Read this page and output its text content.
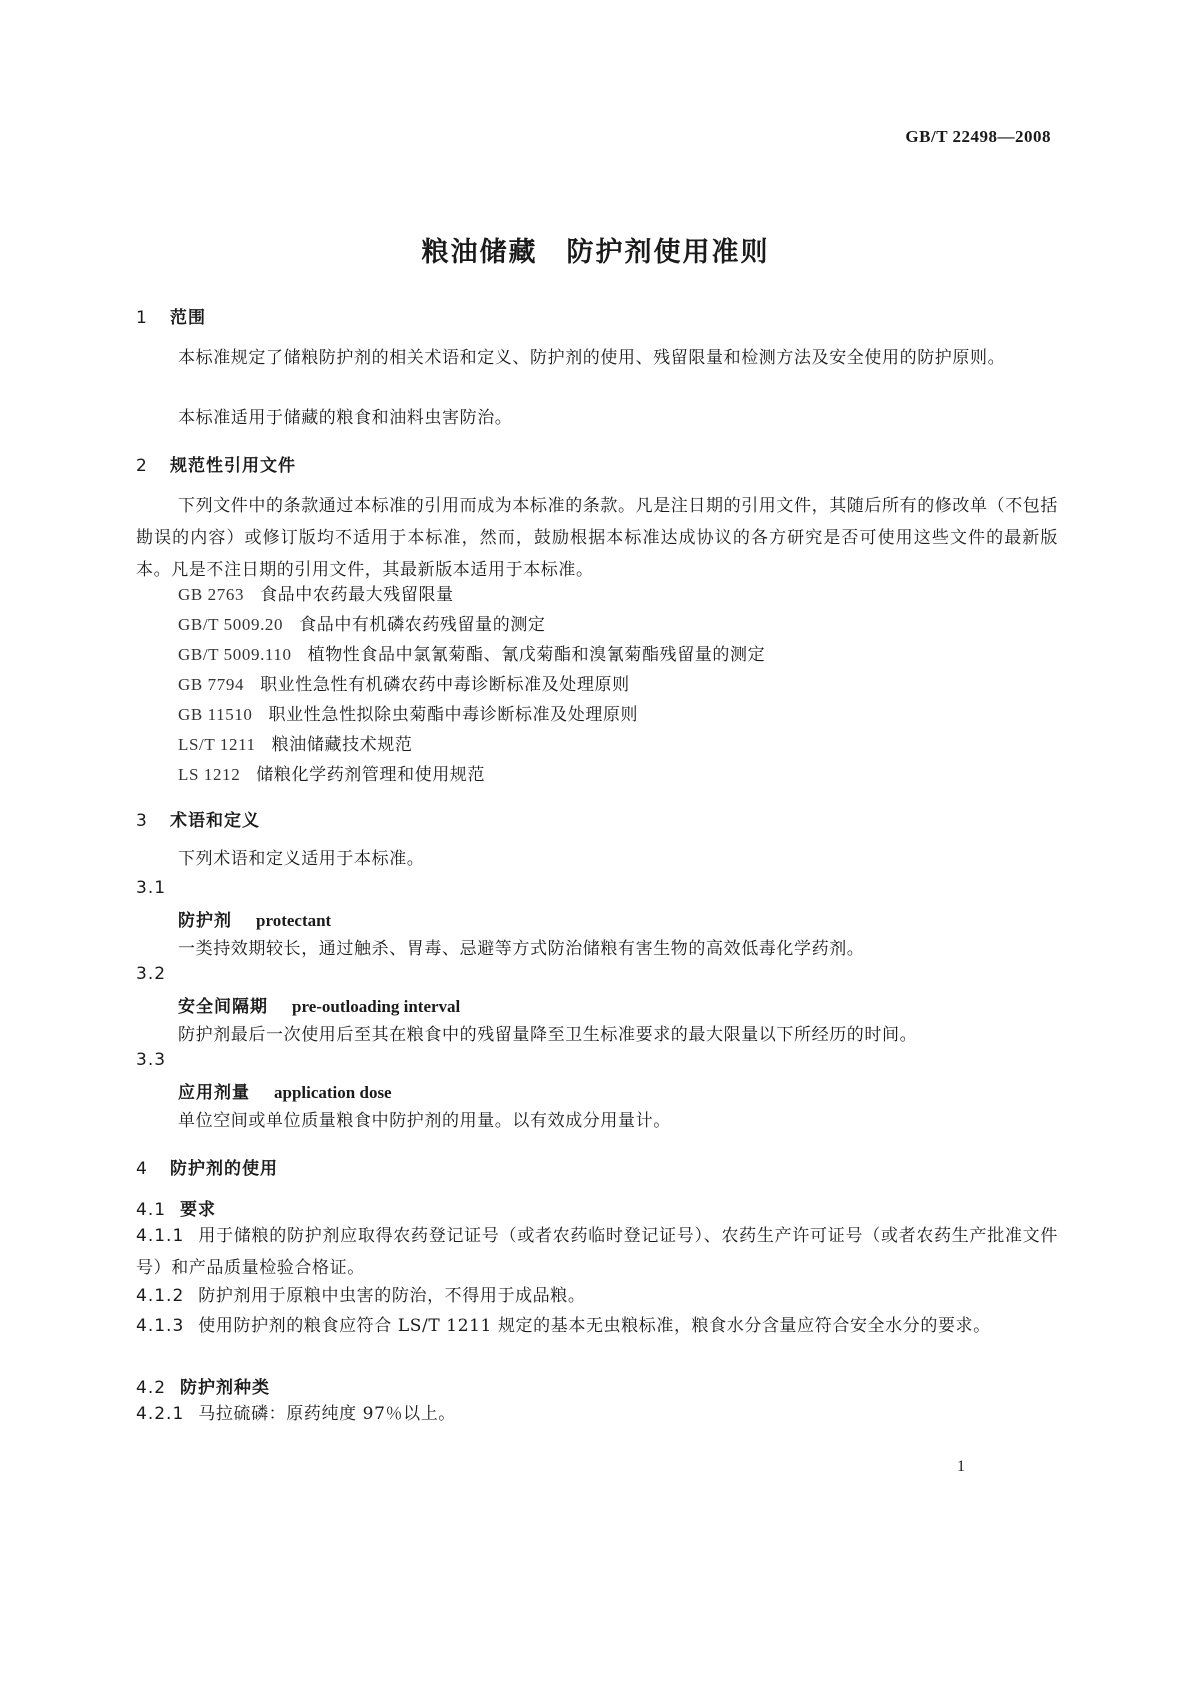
GB/T 22498—2008
粮油储藏　防护剂使用准则
1 范围
本标准规定了储粮防护剂的相关术语和定义、防护剂的使用、残留限量和检测方法及安全使用的防护原则。
本标准适用于储藏的粮食和油料虫害防治。
2 规范性引用文件
下列文件中的条款通过本标准的引用而成为本标准的条款。凡是注日期的引用文件，其随后所有的修改单（不包括勘误的内容）或修订版均不适用于本标准，然而，鼓励根据本标准达成协议的各方研究是否可使用这些文件的最新版本。凡是不注日期的引用文件，其最新版本适用于本标准。
GB 2763 食品中农药最大残留限量
GB/T 5009.20 食品中有机磷农药残留量的测定
GB/T 5009.110 植物性食品中氯氰菊酯、氰戊菊酯和溴氰菊酯残留量的测定
GB 7794 职业性急性有机磷农药中毒诊断标准及处理原则
GB 11510 职业性急性拟除虫菊酯中毒诊断标准及处理原则
LS/T 1211 粮油储藏技术规范
LS 1212 储粮化学药剂管理和使用规范
3 术语和定义
下列术语和定义适用于本标准。
3.1
防护剂 protectant
一类持效期较长，通过触杀、胃毒、忌避等方式防治储粮有害生物的高效低毒化学药剂。
3.2
安全间隔期 pre-outloading interval
防护剂最后一次使用后至其在粮食中的残留量降至卫生标准要求的最大限量以下所经历的时间。
3.3
应用剂量 application dose
单位空间或单位质量粮食中防护剂的用量。以有效成分用量计。
4 防护剂的使用
4.1 要求
4.1.1 用于储粮的防护剂应取得农药登记证号（或者农药临时登记证号）、农药生产许可证号（或者农药生产批准文件号）和产品质量检验合格证。
4.1.2 防护剂用于原粮中虫害的防治，不得用于成品粮。
4.1.3 使用防护剂的粮食应符合 LS/T 1211 规定的基本无虫粮标准，粮食水分含量应符合安全水分的要求。
4.2 防护剂种类
4.2.1 马拉硫磷：原药纯度 97％以上。
1
